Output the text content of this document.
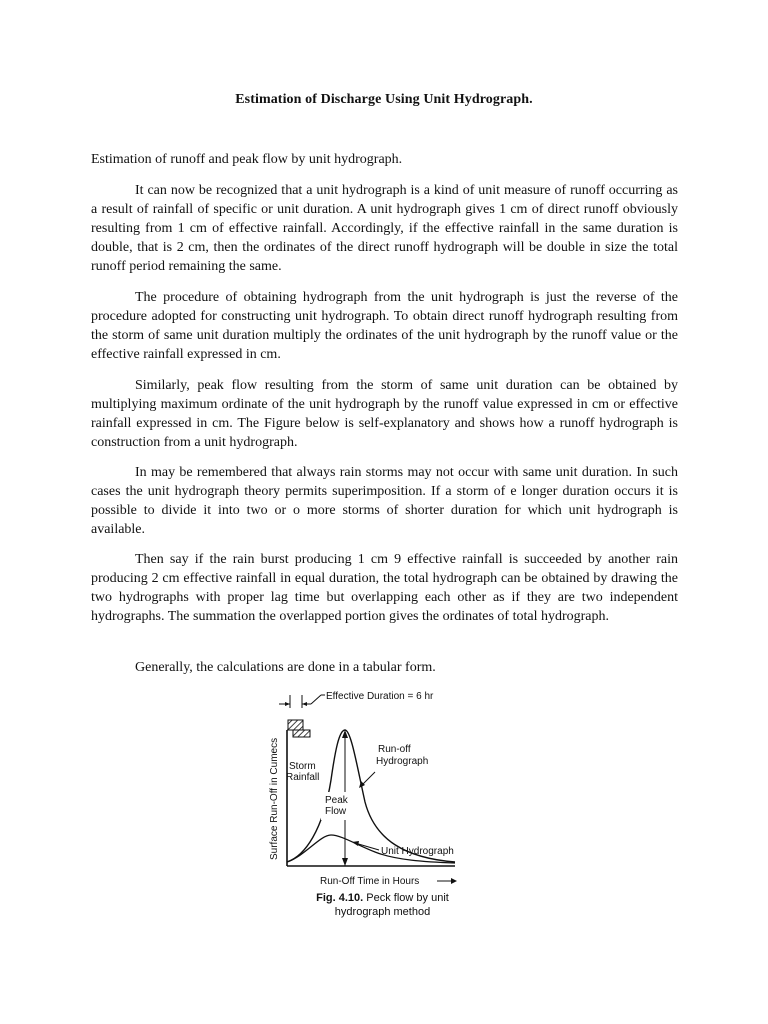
Estimation of Discharge Using Unit Hydrograph.
Estimation of runoff and peak flow by unit hydrograph.

It can now be recognized that a unit hydrograph is a kind of unit measure of runoff occurring as a result of rainfall of specific or unit duration. A unit hydrograph gives 1 cm of direct runoff obviously resulting from 1 cm of effective rainfall. Accordingly, if the effective rainfall in the same duration is double, that is 2 cm, then the ordinates of the direct runoff hydrograph will be double in size the total runoff period remaining the same.

The procedure of obtaining hydrograph from the unit hydrograph is just the reverse of the procedure adopted for constructing unit hydrograph. To obtain direct runoff hydrograph resulting from the storm of same unit duration multiply the ordinates of the unit hydrograph by the runoff value or the effective rainfall expressed in cm.

Similarly, peak flow resulting from the storm of same unit duration can be obtained by multiplying maximum ordinate of the unit hydrograph by the runoff value expressed in cm or effective rainfall expressed in cm. The Figure below is self-explanatory and shows how a runoff hydrograph is construction from a unit hydrograph.

In may be remembered that always rain storms may not occur with same unit duration. In such cases the unit hydrograph theory permits superimposition. If a storm of e longer duration occurs it is possible to divide it into two or o more storms of shorter duration for which unit hydrograph is available.

Then say if the rain burst producing 1 cm 9 effective rainfall is succeeded by another rain producing 2 cm effective rainfall in equal duration, the total hydrograph can be obtained by drawing the two hydrographs with proper lag time but overlapping each other as if they are two independent hydrographs. The summation the overlapped portion gives the ordinates of total hydrograph.

Generally, the calculations are done in a tabular form.

Effective Duration = 6 hr
Storm
Rainfall
Surface Run-Off in Cumecs	Peak
Flow
Run-off
Hydrograph
Unit Hydrograph
Run-Off Time in Hours
Fig. 4.10. Peck flow by unit
hydrograph method
